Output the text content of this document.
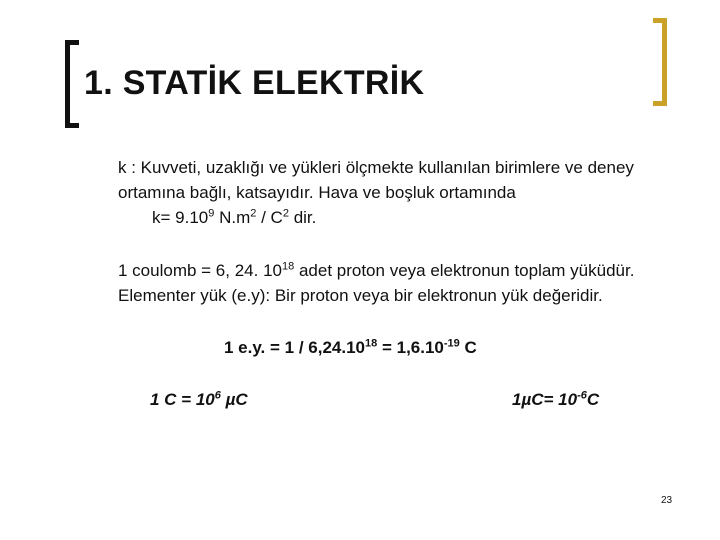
1. STATİK ELEKTRİK
k : Kuvveti, uzaklığı ve yükleri ölçmekte kullanılan birimlere ve deney
ortamına bağlı, katsayıdır. Hava ve boşluk ortamında
$k= 9.10^9$ $N.m^2 / C^2$ dir.
1 coulomb = 6, 24. $10^{18}$ adet proton veya elektronun toplam yüküdür.
Elementer yük (e.y): Bir proton veya bir elektronun yük değeridir.
1 e.y. = $1 / 6,24.10^{18} = 1,6.10^{-19}$ C
1 $C = 10^6$ µC	$1\mu C= 10^{-6}C$
23
